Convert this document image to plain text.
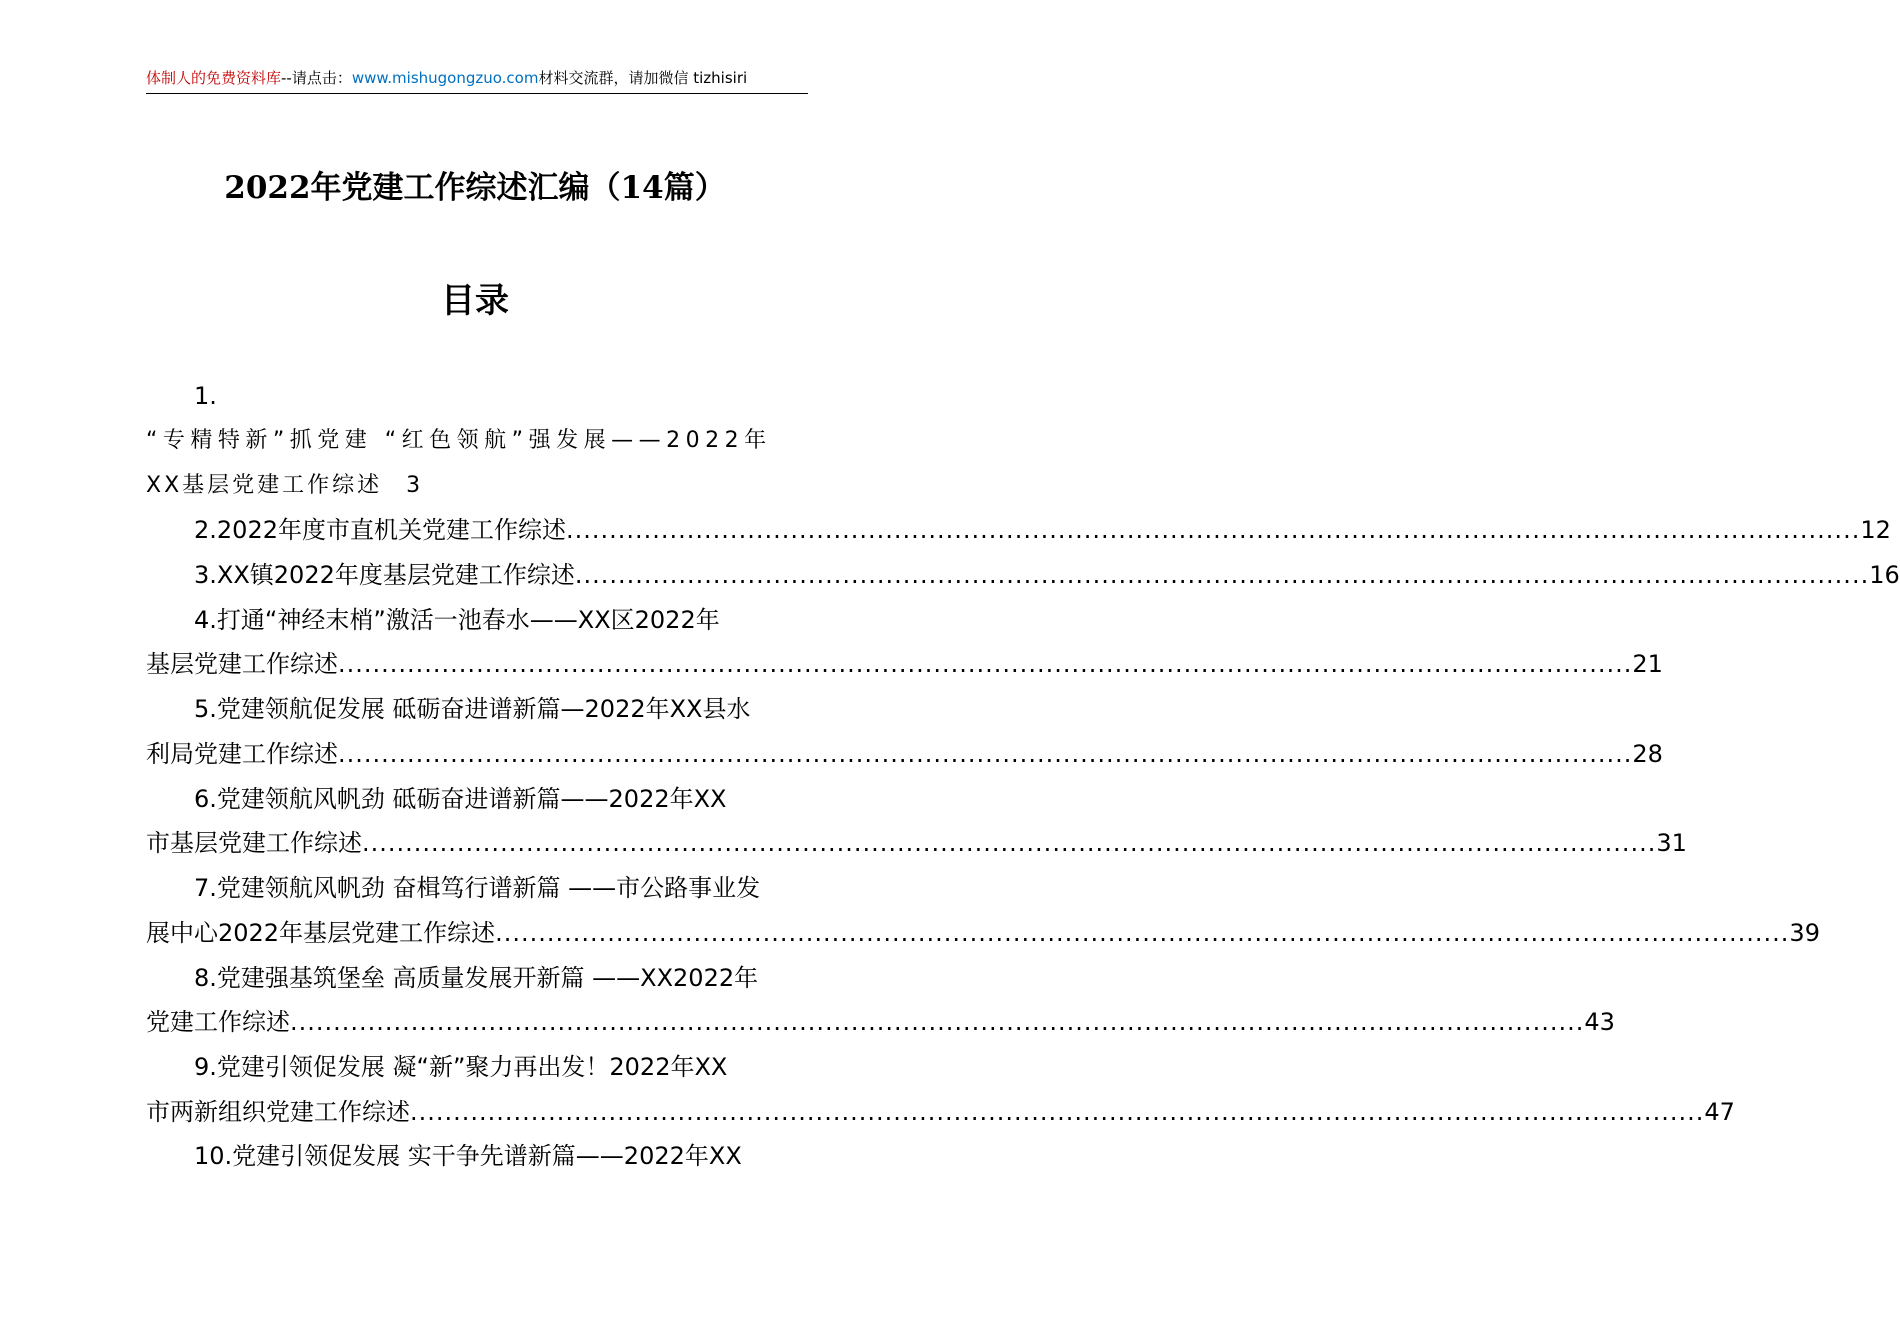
体制人的免费资料库--请点击：www.mishugongzuo.com材料交流群，请加微信 tizhisiri
2022年党建工作综述汇编（14篇）
目录
1.
“专精特新”抓党建 “红色领航”强发展——2022年
XX基层党建工作综述 3
2.2022年度市直机关党建工作综述 ...................................................................................................................................................... 12
3.XX镇2022年度基层党建工作综述 ...................................................................................................................................................... 16
4.打通“神经末梢”激活一池春水——XX区2022年
基层党建工作综述 ...................................................................................................................................................... 21
5.党建领航促发展 砥砺奋进谱新篇—2022年XX县水
利局党建工作综述 ...................................................................................................................................................... 28
6.党建领航风帆劲 砥砺奋进谱新篇——2022年XX
市基层党建工作综述 ...................................................................................................................................................... 31
7.党建领航风帆劲 奋楫笃行谱新篇 ——市公路事业发
展中心2022年基层党建工作综述 ...................................................................................................................................................... 39
8.党建强基筑堡垒 高质量发展开新篇 ——XX2022年
党建工作综述 ...................................................................................................................................................... 43
9.党建引领促发展 凝“新”聚力再出发！2022年XX
市两新组织党建工作综述 ...................................................................................................................................................... 47
10.党建引领促发展 实干争先谱新篇——2022年XX
